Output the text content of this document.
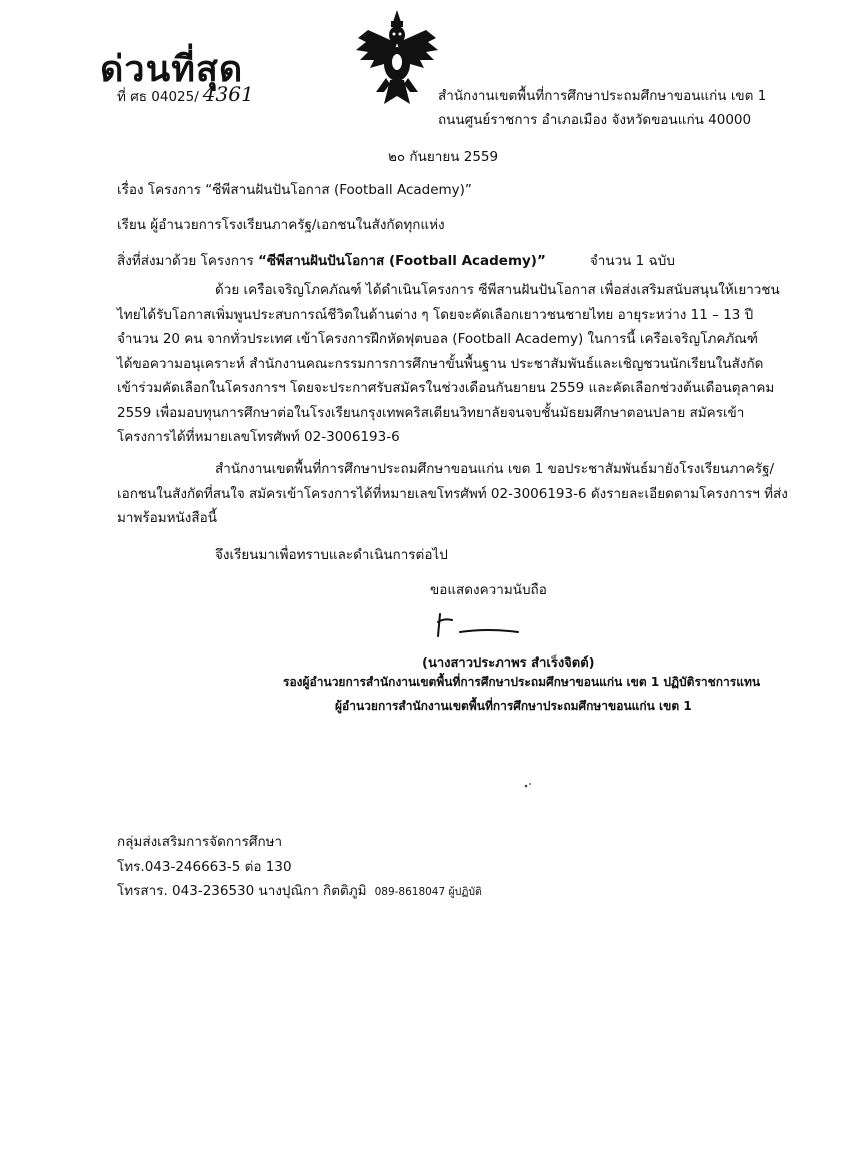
ด่วนที่สุด
ที่ ศธ 04025/ 4361	สำนักงานเขตพื้นที่การศึกษาประถมศึกษาขอนแก่น เขต 1
ถนนศูนย์ราชการ อำเภอเมือง จังหวัดขอนแก่น 40000
๒๐ กันยายน 2559
เรื่อง โครงการ “ซีพีสานฝันปันโอกาส (Football Academy)”
เรียน ผู้อำนวยการโรงเรียนภาครัฐ/เอกชนในสังกัดทุกแห่ง
สิ่งที่ส่งมาด้วย โครงการ “ซีพีสานฝันปันโอกาส (Football Academy)”	จำนวน 1 ฉบับ
ด้วย เครือเจริญโภคภัณฑ์ ได้ดำเนินโครงการ ซีพีสานฝันปันโอกาส เพื่อส่งเสริมสนับสนุนให้เยาวชน
ไทยได้รับโอกาสเพิ่มพูนประสบการณ์ชีวิตในด้านต่าง ๆ โดยจะคัดเลือกเยาวชนชายไทย อายุระหว่าง 11 – 13 ปี
จำนวน 20 คน จากทั่วประเทศ เข้าโครงการฝึกหัดฟุตบอล (Football Academy) ในการนี้ เครือเจริญโภคภัณฑ์
ได้ขอความอนุเคราะห์ สำนักงานคณะกรรมการการศึกษาขั้นพื้นฐาน ประชาสัมพันธ์และเชิญชวนนักเรียนในสังกัด
เข้าร่วมคัดเลือกในโครงการฯ โดยจะประกาศรับสมัครในช่วงเดือนกันยายน 2559 และคัดเลือกช่วงต้นเดือนตุลาคม
2559 เพื่อมอบทุนการศึกษาต่อในโรงเรียนกรุงเทพคริสเตียนวิทยาลัยจนจบชั้นมัธยมศึกษาตอนปลาย สมัครเข้า
โครงการได้ที่หมายเลขโทรศัพท์ 02-3006193-6
สำนักงานเขตพื้นที่การศึกษาประถมศึกษาขอนแก่น เขต 1 ขอประชาสัมพันธ์มายังโรงเรียนภาครัฐ/
เอกชนในสังกัดที่สนใจ สมัครเข้าโครงการได้ที่หมายเลขโทรศัพท์ 02-3006193-6 ดังรายละเอียดตามโครงการฯ ที่ส่ง
มาพร้อมหนังสือนี้
จึงเรียนมาเพื่อทราบและดำเนินการต่อไป
ขอแสดงความนับถือ
(นางสาวประภาพร สำเร็งจิตต์)
รองผู้อำนวยการสำนักงานเขตพื้นที่การศึกษาประถมศึกษาขอนแก่น เขต 1 ปฏิบัติราชการแทน
ผู้อำนวยการสำนักงานเขตพื้นที่การศึกษาประถมศึกษาขอนแก่น เขต 1
กลุ่มส่งเสริมการจัดการศึกษา
โทร.043-246663-5 ต่อ 130
โทรสาร. 043-236530 นางปุณิกา กิตติภูมิ 089-8618047 ผู้ปฏิบัติ
